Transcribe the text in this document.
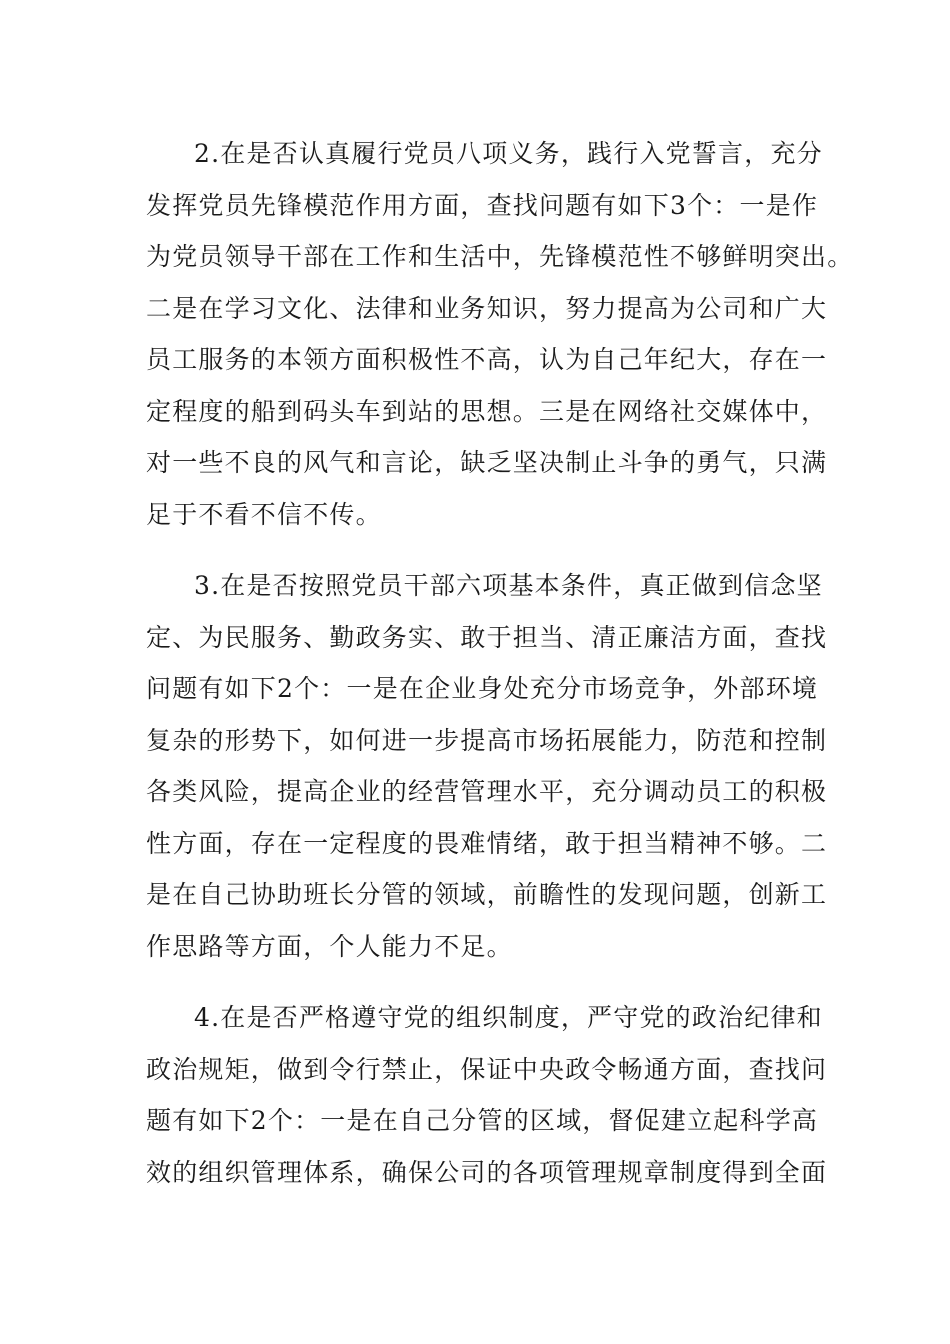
2.在是否认真履行党员八项义务，践行入党誓言，充分
发挥党员先锋模范作用方面，查找问题有如下3个：一是作
为党员领导干部在工作和生活中，先锋模范性不够鲜明突出。
二是在学习文化、法律和业务知识，努力提高为公司和广大
员工服务的本领方面积极性不高，认为自己年纪大，存在一
定程度的船到码头车到站的思想。三是在网络社交媒体中，
对一些不良的风气和言论，缺乏坚决制止斗争的勇气，只满
足于不看不信不传。
3.在是否按照党员干部六项基本条件，真正做到信念坚
定、为民服务、勤政务实、敢于担当、清正廉洁方面，查找
问题有如下2个：一是在企业身处充分市场竞争，外部环境
复杂的形势下，如何进一步提高市场拓展能力，防范和控制
各类风险，提高企业的经营管理水平，充分调动员工的积极
性方面，存在一定程度的畏难情绪，敢于担当精神不够。二
是在自己协助班长分管的领域，前瞻性的发现问题，创新工
作思路等方面，个人能力不足。
4.在是否严格遵守党的组织制度，严守党的政治纪律和
政治规矩，做到令行禁止，保证中央政令畅通方面，查找问
题有如下2个：一是在自己分管的区域，督促建立起科学高
效的组织管理体系，确保公司的各项管理规章制度得到全面
